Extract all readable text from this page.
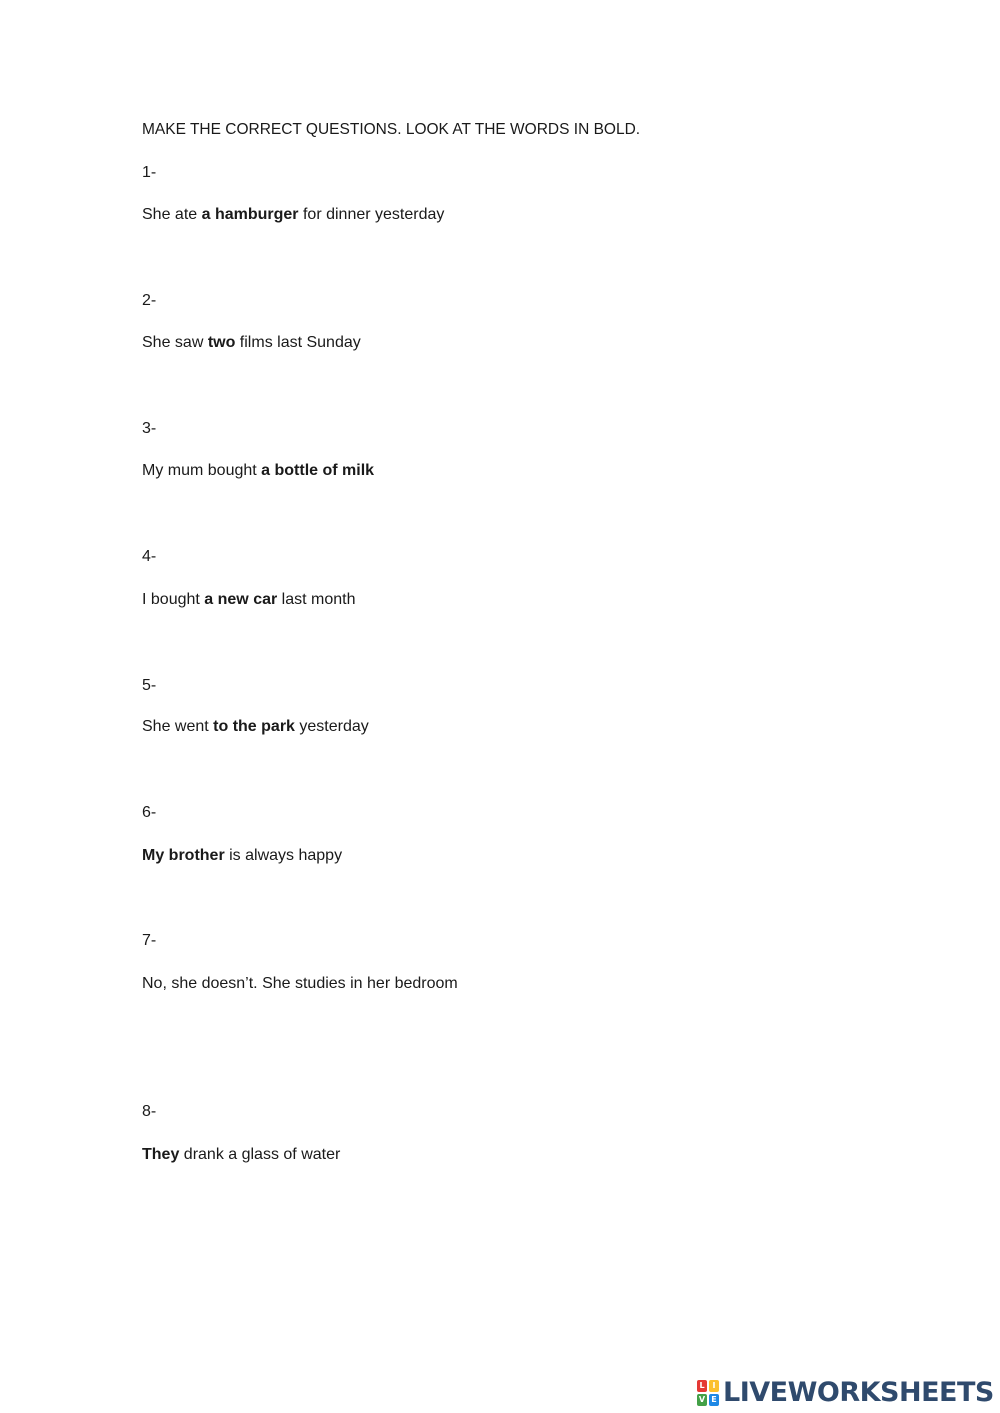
MAKE THE CORRECT QUESTIONS. LOOK AT THE WORDS IN BOLD.
1-
She ate a hamburger for dinner yesterday
2-
She saw two films last Sunday
3-
My mum bought a bottle of milk
4-
I bought a new car last month
5-
She went to the park yesterday
6-
My brother is always happy
7-
No, she doesn’t. She studies in her bedroom
8-
They drank a glass of water
L I
V E LIVEWORKSHEETS
